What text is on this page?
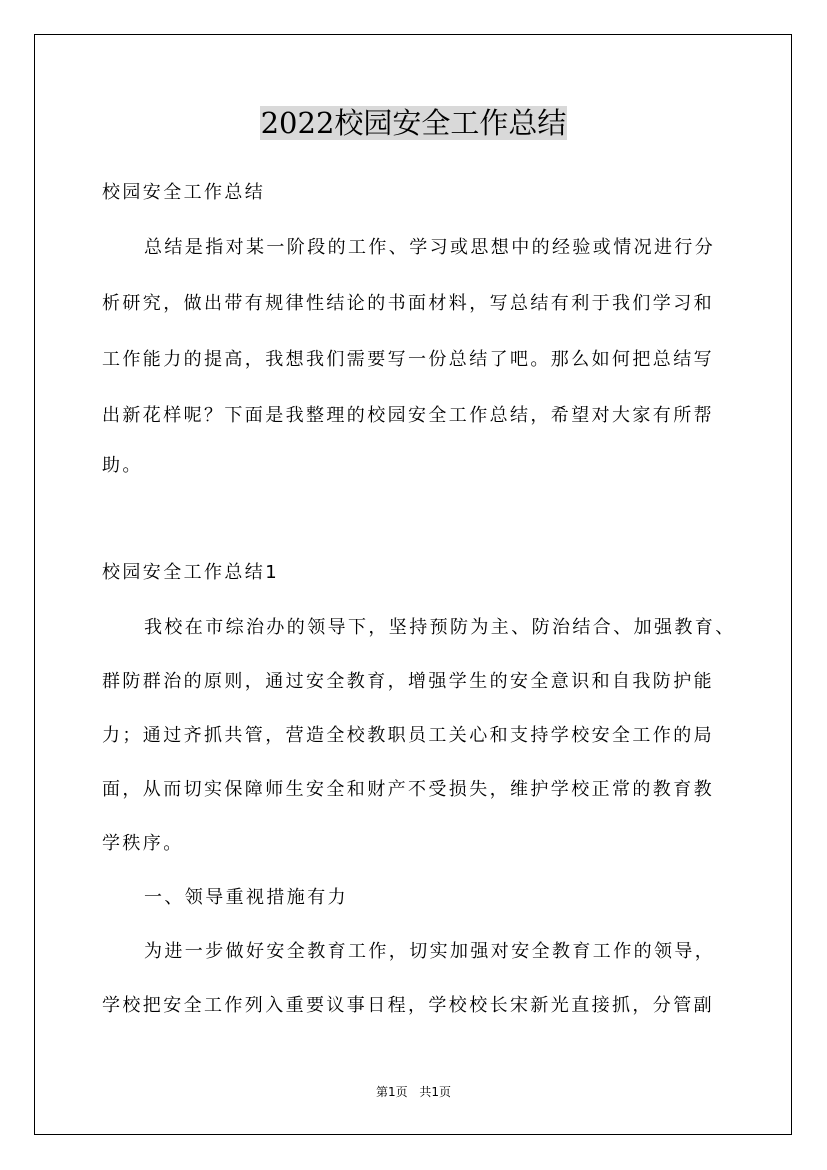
2022校园安全工作总结

校园安全工作总结

总结是指对某一阶段的工作、学习或思想中的经验或情况进行分

析研究，做出带有规律性结论的书面材料，写总结有利于我们学习和

工作能力的提高，我想我们需要写一份总结了吧。那么如何把总结写

出新花样呢？下面是我整理的校园安全工作总结，希望对大家有所帮

助。

校园安全工作总结1

我校在市综治办的领导下，坚持预防为主、防治结合、加强教育、

群防群治的原则，通过安全教育，增强学生的安全意识和自我防护能

力；通过齐抓共管，营造全校教职员工关心和支持学校安全工作的局

面，从而切实保障师生安全和财产不受损失，维护学校正常的教育教

学秩序。

一、领导重视措施有力

为进一步做好安全教育工作，切实加强对安全教育工作的领导，

学校把安全工作列入重要议事日程，学校校长宋新光直接抓，分管副

第1页 共1页
